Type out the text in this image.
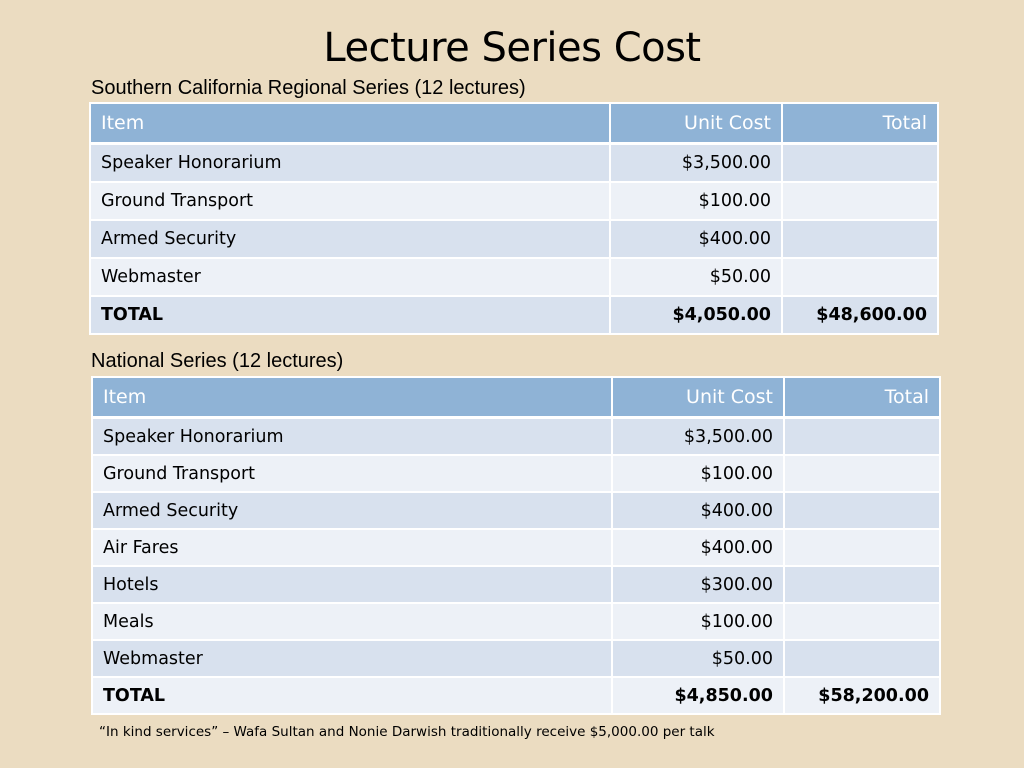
Lecture Series Cost
Southern California Regional Series (12 lectures)
Item	Unit Cost	Total
Speaker Honorarium	$3,500.00	
Ground Transport	$100.00	
Armed Security	$400.00	
Webmaster	$50.00	
TOTAL	$4,050.00	$48,600.00
National Series (12 lectures)
Item	Unit Cost	Total
Speaker Honorarium	$3,500.00	
Ground Transport	$100.00	
Armed Security	$400.00	
Air Fares	$400.00	
Hotels	$300.00	
Meals	$100.00	
Webmaster	$50.00	
TOTAL	$4,850.00	$58,200.00
“In kind services” – Wafa Sultan and Nonie Darwish traditionally receive $5,000.00 per talk
